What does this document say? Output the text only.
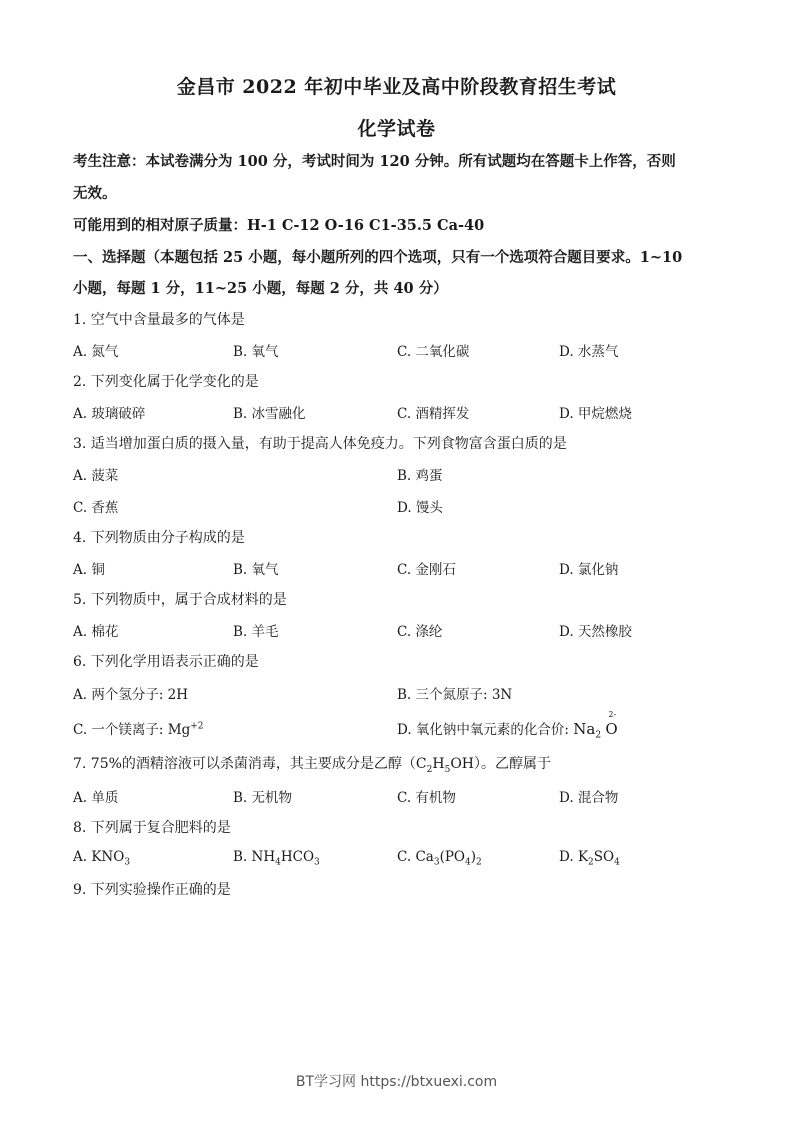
金昌市 2022 年初中毕业及高中阶段教育招生考试
化学试卷
考生注意：本试卷满分为 100 分，考试时间为 120 分钟。所有试题均在答题卡上作答，否则
无效。
可能用到的相对原子质量：H-1 C-12 O-16 C1-35.5 Ca-40
一、选择题（本题包括 25 小题，每小题所列的四个选项，只有一个选项符合题目要求。1~10
小题，每题 1 分，11~25 小题，每题 2 分，共 40 分）
1. 空气中含量最多的气体是
A. 氮气	B. 氧气	C. 二氧化碳	D. 水蒸气
2. 下列变化属于化学变化的是
A. 玻璃破碎	B. 冰雪融化	C. 酒精挥发	D. 甲烷燃烧
3. 适当增加蛋白质的摄入量，有助于提高人体免疫力。下列食物富含蛋白质的是
A. 菠菜	B. 鸡蛋
C. 香蕉	D. 馒头
4. 下列物质由分子构成的是
A. 铜	B. 氧气	C. 金刚石	D. 氯化钠
5. 下列物质中，属于合成材料的是
A. 棉花	B. 羊毛	C. 涤纶	D. 天然橡胶
6. 下列化学用语表示正确的是
A. 两个氢分子: 2H	B. 三个氮原子: 3N
C. 一个镁离子: $Mg^{+2}$	D. 氧化钠中氧元素的化合价: $Na_2$
2-
O
7. 75%的酒精溶液可以杀菌消毒，其主要成分是乙醇$(C_2H_5OH)$。乙醇属于
A. 单质	B. 无机物	C. 有机物	D. 混合物
8. 下列属于复合肥料的是
A. $KNO_3$	B. $NH_4HCO_3$	C. $Ca_3(PO_4)_2$	D. $K_2SO_4$
9. 下列实验操作正确的是
BT学习网 https://btxuexi.com
